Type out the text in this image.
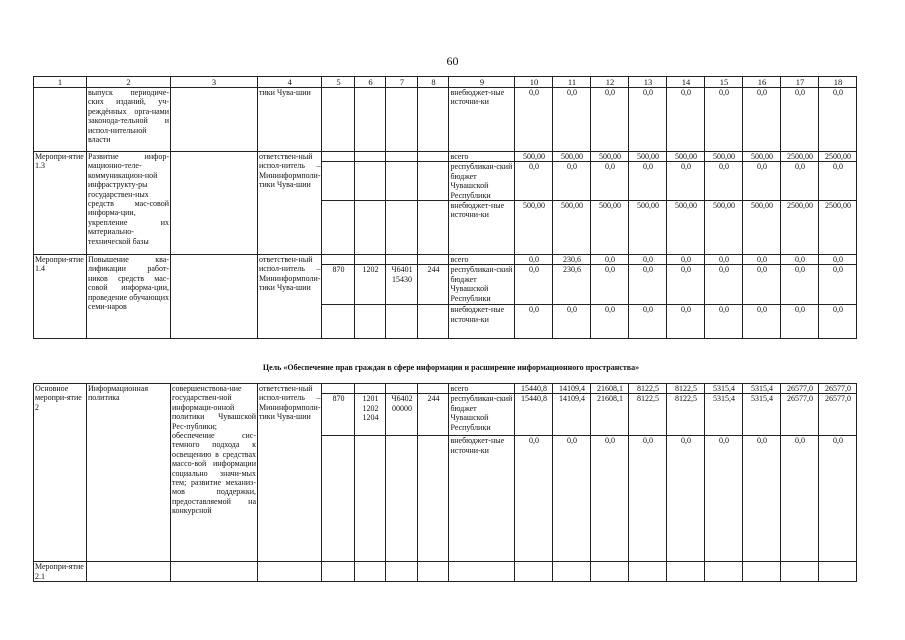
60
1	2	3	4	5	6	7	8	9	10	11	12	13	14	15	16	17	18
	выпуск периодиче-ских изданий, уч-реждённых орга-нами законода-тельной и испол-нительной власти		тики Чува-шии					внебюджет-ные источни-ки	0,0	0,0	0,0	0,0	0,0	0,0	0,0	0,0	0,0
Меропри-ятие 1.3	Развитие инфор-мационно-теле-коммуникацион-ной инфраструкту-ры государствен-ных средств мас-совой информа-ции, укрепление их материально-технической базы		ответствен-ный испол-нитель – Мининформполи-тики Чува-шии					всего	500,00	500,00	500,00	500,00	500,00	500,00	500,00	2500,00	2500,00
								республикан-ский бюджет Чувашской Республики	0,0	0,0	0,0	0,0	0,0	0,0	0,0	0,0	0,0
								внебюджет-ные источни-ки	500,00	500,00	500,00	500,00	500,00	500,00	500,00	2500,00	2500,00
Меропри-ятие 1.4	Повышение ква-лификации работ-ников средств мас-совой информа-ции, проведение обучающих семи-наров		ответствен-ный испол-нитель – Мининформполи-тики Чува-шии					всего	0,0	230,6	0,0	0,0	0,0	0,0	0,0	0,0	0,0
				870	1202	Ч6401 15430	244	республикан-ский бюджет Чувашской Республики	0,0	230,6	0,0	0,0	0,0	0,0	0,0	0,0	0,0
								внебюджет-ные источни-ки	0,0	0,0	0,0	0,0	0,0	0,0	0,0	0,0	0,0
Цель «Обеспечение прав граждан в сфере информации и расширение информационного пространства»
Основное меропри-ятие 2	Информационная политика	совершенствова-ние государствен-ной информаци-онной политики Чувашской Рес-публики; обеспечение сис-темного подхода к освещению в средствах массо-вой информации социально значи-мых тем; развитие механиз-мов поддержки, предоставляемой на конкурсной	ответствен-ный испол-нитель – Мининформполи-тики Чува-шии					всего	15440,8	14109,4	21608,1	8122,5	8122,5	5315,4	5315,4	26577,0	26577,0
				870	1201 1202 1204	Ч6402 00000	244	республикан-ский бюджет Чувашской Республики	15440,8	14109,4	21608,1	8122,5	8122,5	5315,4	5315,4	26577,0	26577,0
								внебюджет-ные источни-ки	0,0	0,0	0,0	0,0	0,0	0,0	0,0	0,0	0,0
Меропри-ятие 2.1																	
